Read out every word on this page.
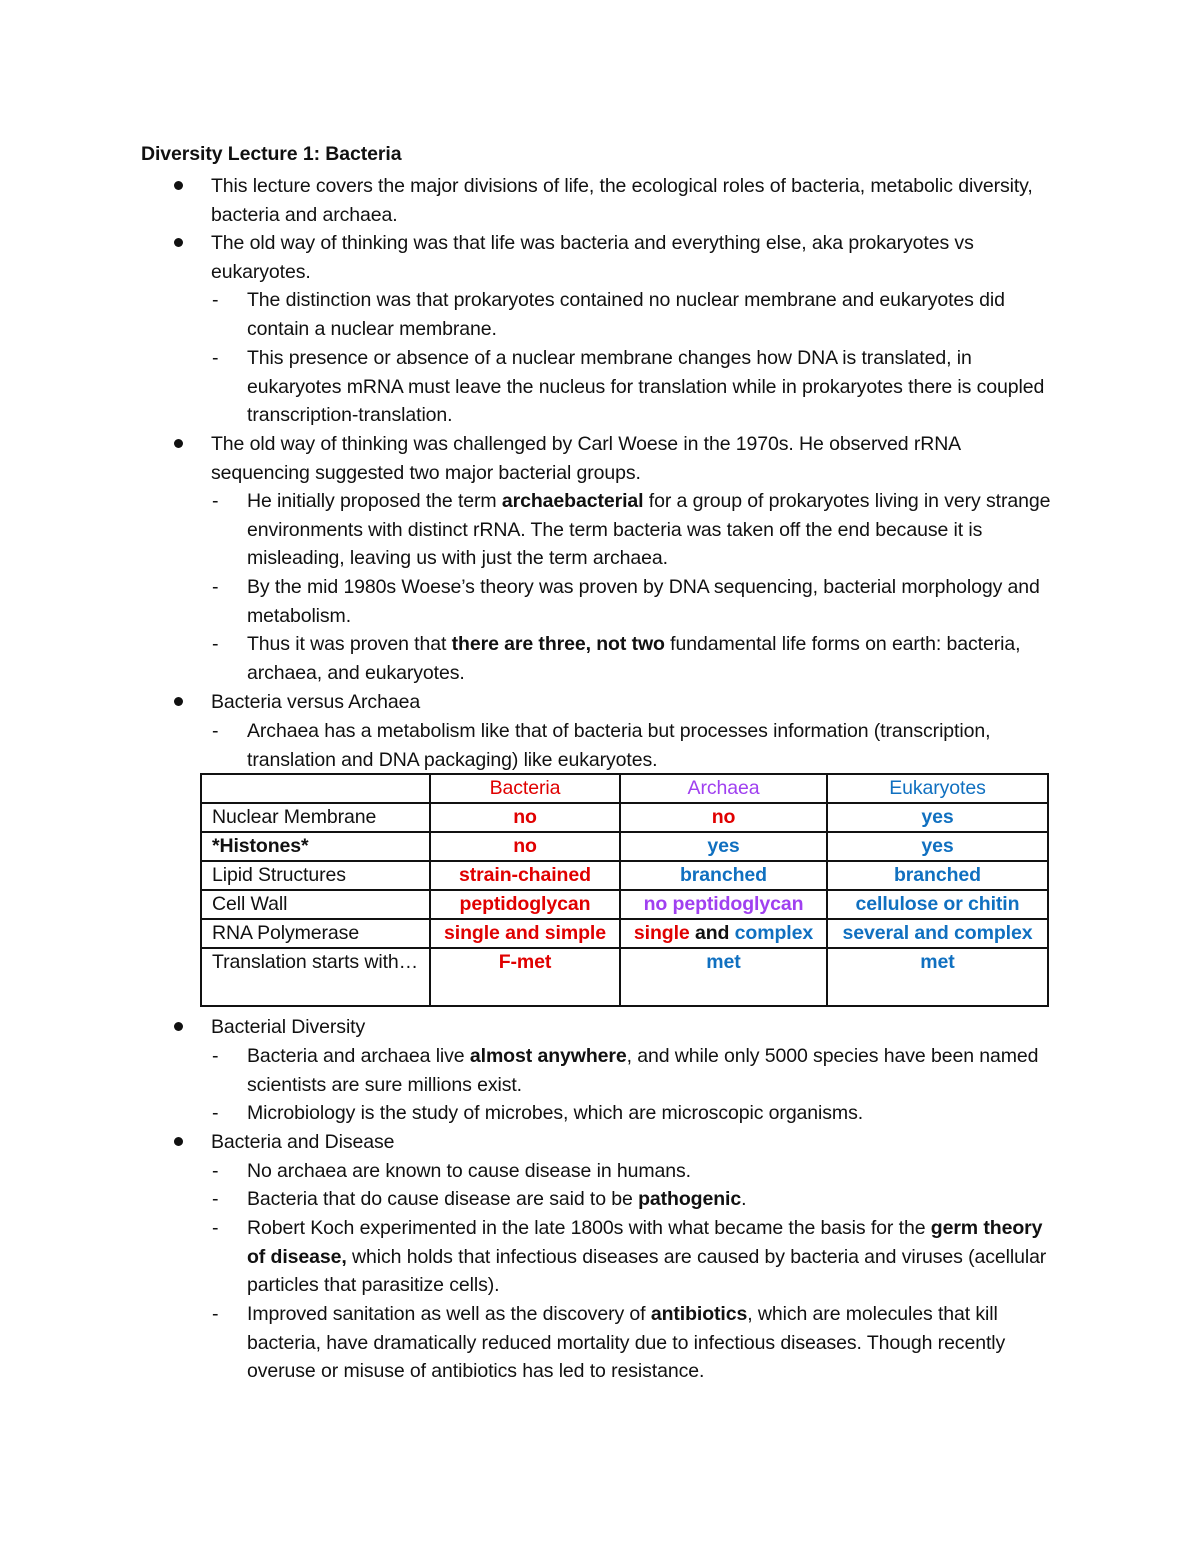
Diversity Lecture 1: Bacteria
This lecture covers the major divisions of life, the ecological roles of bacteria, metabolic diversity, bacteria and archaea.
The old way of thinking was that life was bacteria and everything else, aka prokaryotes vs eukaryotes.
- The distinction was that prokaryotes contained no nuclear membrane and eukaryotes did contain a nuclear membrane.
- This presence or absence of a nuclear membrane changes how DNA is translated, in eukaryotes mRNA must leave the nucleus for translation while in prokaryotes there is coupled transcription-translation.
The old way of thinking was challenged by Carl Woese in the 1970s. He observed rRNA sequencing suggested two major bacterial groups.
- He initially proposed the term archaebacterial for a group of prokaryotes living in very strange environments with distinct rRNA. The term bacteria was taken off the end because it is misleading, leaving us with just the term archaea.
- By the mid 1980s Woese’s theory was proven by DNA sequencing, bacterial morphology and metabolism.
- Thus it was proven that there are three, not two fundamental life forms on earth: bacteria, archaea, and eukaryotes.
Bacteria versus Archaea
- Archaea has a metabolism like that of bacteria but processes information (transcription, translation and DNA packaging) like eukaryotes.
	Bacteria	Archaea	Eukaryotes
Nuclear Membrane	no	no	yes
*Histones*	no	yes	yes
Lipid Structures	strain-chained	branched	branched
Cell Wall	peptidoglycan	no peptidoglycan	cellulose or chitin
RNA Polymerase	single and simple	single and complex	several and complex
Translation starts with…	F-met	met	met
Bacterial Diversity
- Bacteria and archaea live almost anywhere, and while only 5000 species have been named scientists are sure millions exist.
- Microbiology is the study of microbes, which are microscopic organisms.
Bacteria and Disease
- No archaea are known to cause disease in humans.
- Bacteria that do cause disease are said to be pathogenic.
- Robert Koch experimented in the late 1800s with what became the basis for the germ theory of disease, which holds that infectious diseases are caused by bacteria and viruses (acellular particles that parasitize cells).
- Improved sanitation as well as the discovery of antibiotics, which are molecules that kill bacteria, have dramatically reduced mortality due to infectious diseases. Though recently overuse or misuse of antibiotics has led to resistance.
